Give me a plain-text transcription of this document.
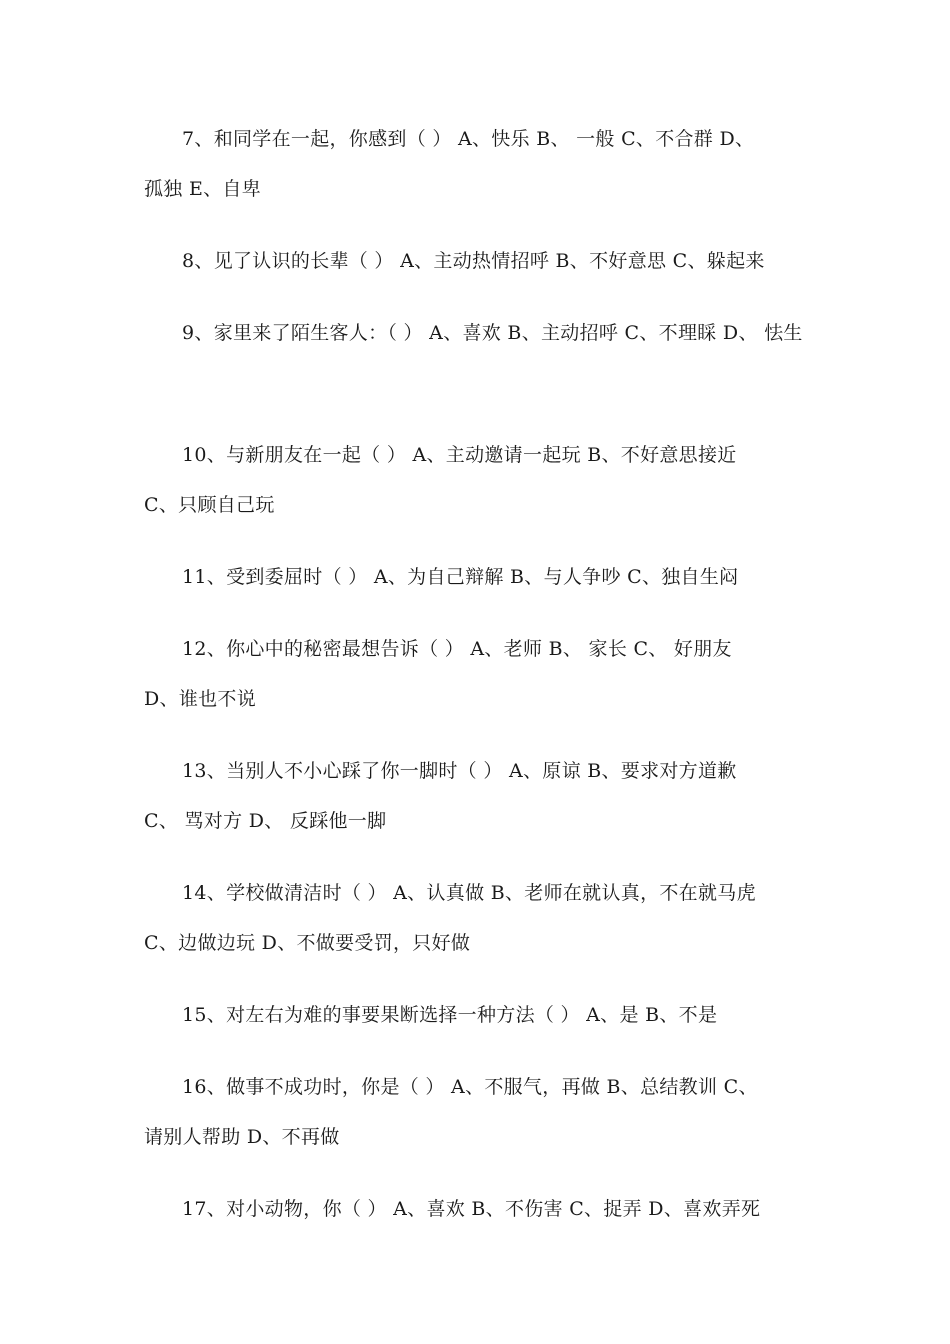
7、和同学在一起，你感到（ ） A、快乐 B、 一般 C、不合群 D、 孤独 E、自卑
8、见了认识的长辈（ ） A、主动热情招呼 B、不好意思 C、躲起来
9、家里来了陌生客人：（ ） A、喜欢 B、主动招呼 C、不理睬 D、 怯生
10、与新朋友在一起（ ） A、主动邀请一起玩 B、不好意思接近 C、只顾自己玩
11、受到委屈时（ ） A、为自己辩解 B、与人争吵 C、独自生闷
12、你心中的秘密最想告诉（ ） A、老师 B、 家长 C、 好朋友 D、谁也不说
13、当别人不小心踩了你一脚时（ ） A、原谅 B、要求对方道歉 C、 骂对方 D、 反踩他一脚
14、学校做清洁时（ ） A、认真做 B、老师在就认真，不在就马虎 C、边做边玩 D、不做要受罚，只好做
15、对左右为难的事要果断选择一种方法（ ） A、是 B、不是
16、做事不成功时，你是（ ） A、不服气，再做 B、总结教训 C、 请别人帮助 D、不再做
17、对小动物，你（ ） A、喜欢 B、不伤害 C、捉弄 D、喜欢弄死
